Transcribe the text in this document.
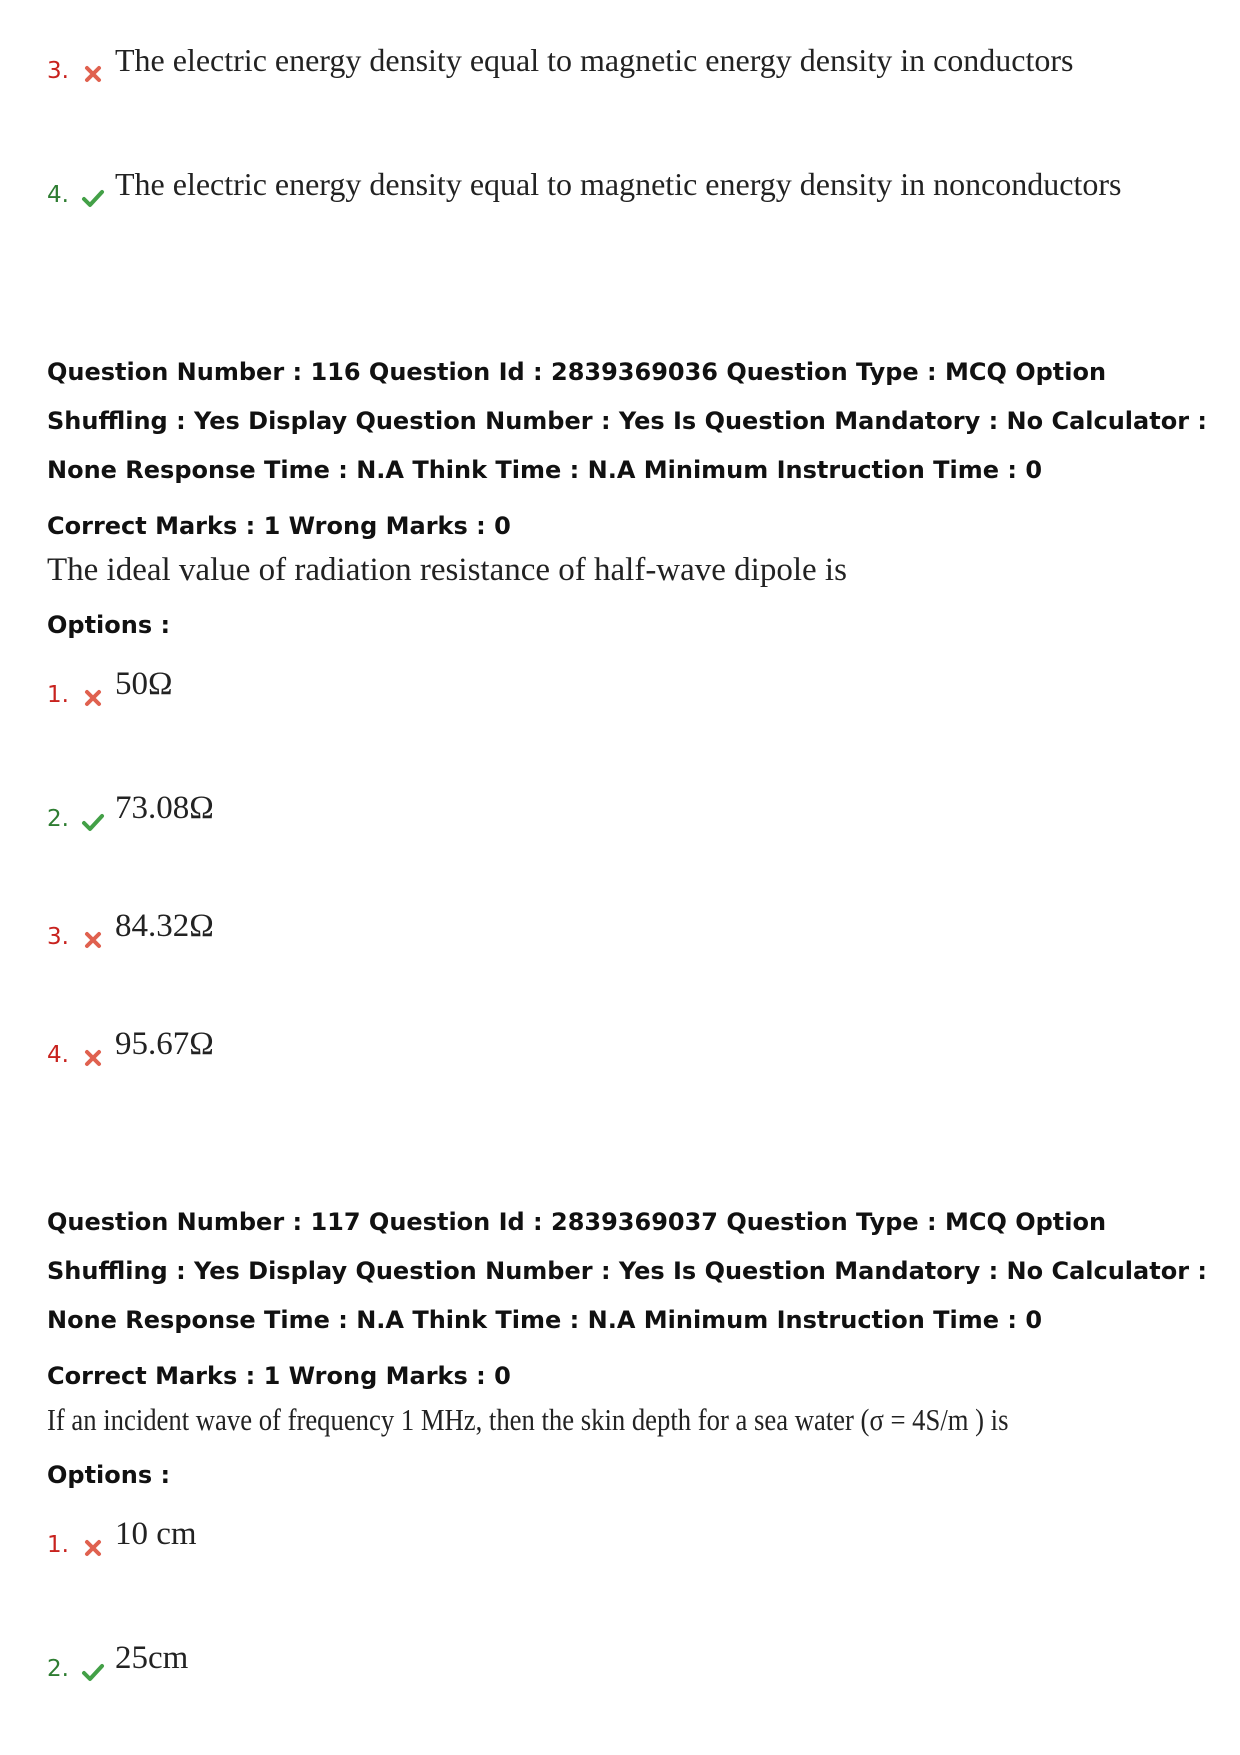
3. The electric energy density equal to magnetic energy density in conductors
4. The electric energy density equal to magnetic energy density in nonconductors
Question Number : 116 Question Id : 2839369036 Question Type : MCQ Option Shuffling : Yes Display Question Number : Yes Is Question Mandatory : No Calculator : None Response Time : N.A Think Time : N.A Minimum Instruction Time : 0
Correct Marks : 1 Wrong Marks : 0
The ideal value of radiation resistance of half-wave dipole is
Options :
1. 50Ω
2. 73.08Ω
3. 84.32Ω
4. 95.67Ω
Question Number : 117 Question Id : 2839369037 Question Type : MCQ Option Shuffling : Yes Display Question Number : Yes Is Question Mandatory : No Calculator : None Response Time : N.A Think Time : N.A Minimum Instruction Time : 0
Correct Marks : 1 Wrong Marks : 0
If an incident wave of frequency 1 MHz, then the skin depth for a sea water (σ = 4S/m ) is
Options :
1. 10 cm
2. 25cm
